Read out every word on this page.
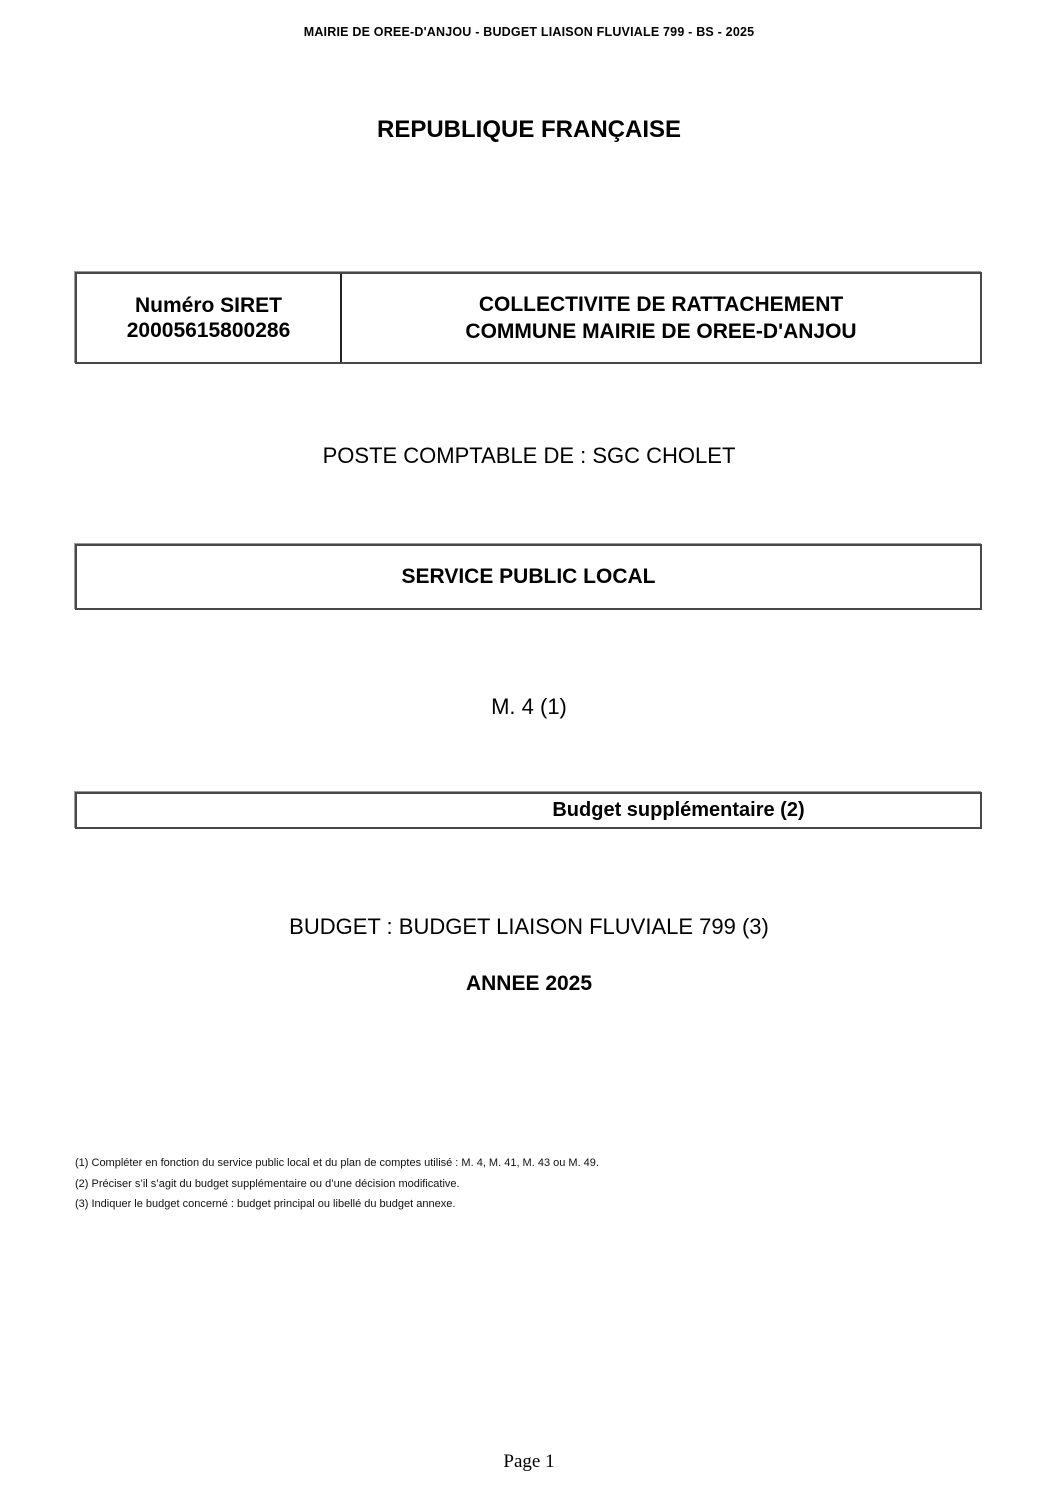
MAIRIE DE OREE-D'ANJOU - BUDGET LIAISON FLUVIALE 799 - BS - 2025
REPUBLIQUE FRANÇAISE
Numéro SIRET
20005615800286
COLLECTIVITE DE RATTACHEMENT
COMMUNE MAIRIE DE OREE-D'ANJOU
POSTE COMPTABLE DE : SGC CHOLET
SERVICE PUBLIC LOCAL
M. 4 (1)
Budget supplémentaire (2)
BUDGET : BUDGET LIAISON FLUVIALE 799 (3)
ANNEE 2025
(1) Compléter en fonction du service public local et du plan de comptes utilisé : M. 4, M. 41, M. 43 ou M. 49.
(2) Préciser s’il s’agit du budget supplémentaire ou d’une décision modificative.
(3) Indiquer le budget concerné : budget principal ou libellé du budget annexe.
Page 1
